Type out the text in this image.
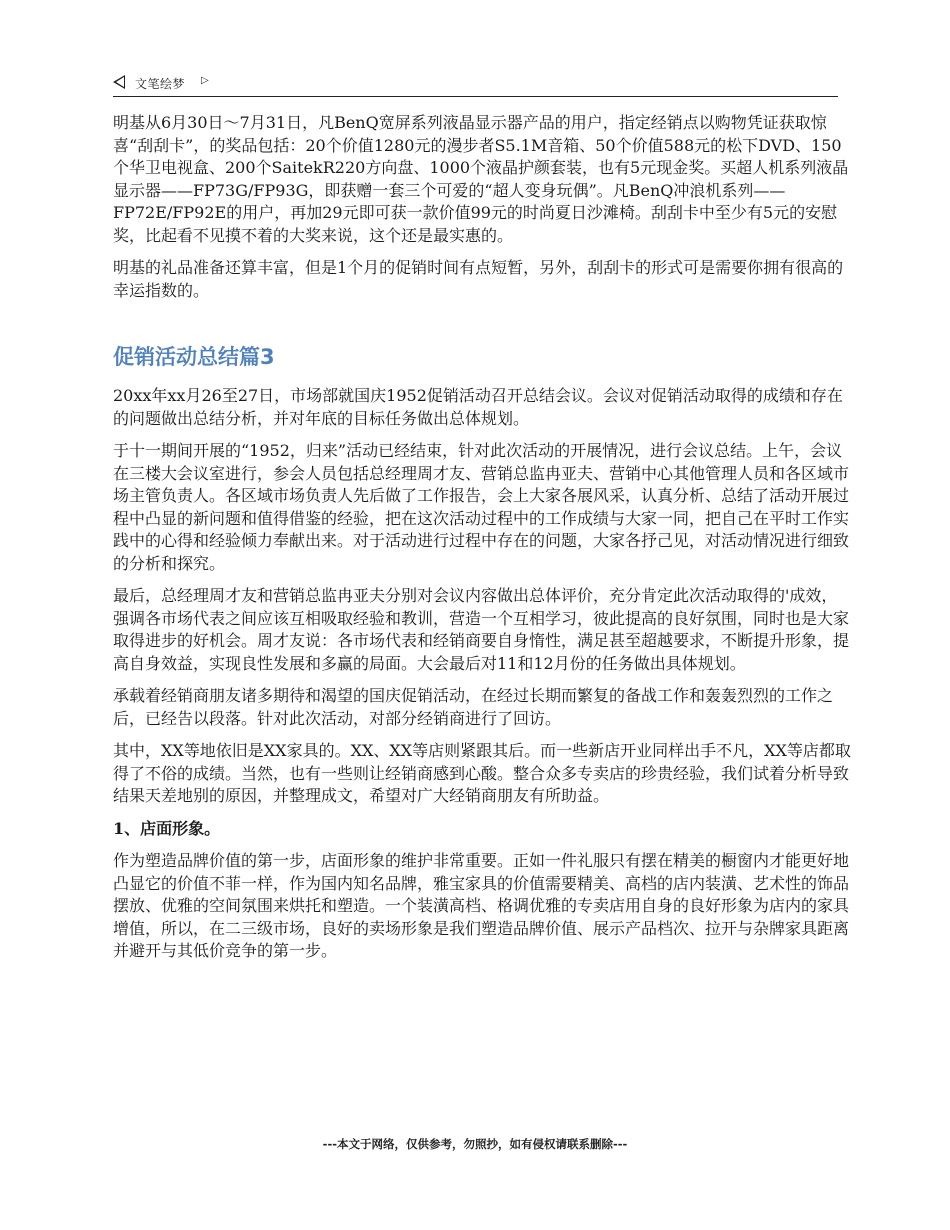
文笔绘梦 ▷

明基从6月30日～7月31日，凡BenQ宽屏系列液晶显示器产品的用户，指定经销点以购物凭证获取惊喜“刮刮卡”，的奖品包括：20个价值1280元的漫步者S5.1M音箱、50个价值588元的松下DVD、150个华卫电视盒、200个SaitekR220方向盘、1000个液晶护颜套装，也有5元现金奖。买超人机系列液晶显示器——FP73G/FP93G，即获赠一套三个可爱的“超人变身玩偶”。凡BenQ冲浪机系列——FP72E/FP92E的用户，再加29元即可获一款价值99元的时尚夏日沙滩椅。刮刮卡中至少有5元的安慰奖，比起看不见摸不着的大奖来说，这个还是最实惠的。

明基的礼品准备还算丰富，但是1个月的促销时间有点短暂，另外，刮刮卡的形式可是需要你拥有很高的幸运指数的。

促销活动总结篇3

20xx年xx月26至27日，市场部就国庆1952促销活动召开总结会议。会议对促销活动取得的成绩和存在的问题做出总结分析，并对年底的目标任务做出总体规划。

于十一期间开展的“1952，归来”活动已经结束，针对此次活动的开展情况，进行会议总结。上午，会议在三楼大会议室进行，参会人员包括总经理周才友、营销总监冉亚夫、营销中心其他管理人员和各区域市场主管负责人。各区域市场负责人先后做了工作报告，会上大家各展风采，认真分析、总结了活动开展过程中凸显的新问题和值得借鉴的经验，把在这次活动过程中的工作成绩与大家一同，把自己在平时工作实践中的心得和经验倾力奉献出来。对于活动进行过程中存在的问题，大家各抒己见，对活动情况进行细致的分析和探究。

最后，总经理周才友和营销总监冉亚夫分别对会议内容做出总体评价，充分肯定此次活动取得的'成效，强调各市场代表之间应该互相吸取经验和教训，营造一个互相学习，彼此提高的良好氛围，同时也是大家取得进步的好机会。周才友说：各市场代表和经销商要自身惰性，满足甚至超越要求，不断提升形象，提高自身效益，实现良性发展和多赢的局面。大会最后对11和12月份的任务做出具体规划。

承载着经销商朋友诸多期待和渴望的国庆促销活动，在经过长期而繁复的备战工作和轰轰烈烈的工作之后，已经告以段落。针对此次活动，对部分经销商进行了回访。

其中，XX等地依旧是XX家具的。XX、XX等店则紧跟其后。而一些新店开业同样出手不凡，XX等店都取得了不俗的成绩。当然，也有一些则让经销商感到心酸。整合众多专卖店的珍贵经验，我们试着分析导致结果天差地别的原因，并整理成文，希望对广大经销商朋友有所助益。

1、店面形象。

作为塑造品牌价值的第一步，店面形象的维护非常重要。正如一件礼服只有摆在精美的橱窗内才能更好地凸显它的价值不菲一样，作为国内知名品牌，雅宝家具的价值需要精美、高档的店内装潢、艺术性的饰品摆放、优雅的空间氛围来烘托和塑造。一个装潢高档、格调优雅的专卖店用自身的良好形象为店内的家具增值，所以，在二三级市场，良好的卖场形象是我们塑造品牌价值、展示产品档次、拉开与杂牌家具距离并避开与其低价竞争的第一步。

---本文于网络，仅供参考，勿照抄，如有侵权请联系删除---
